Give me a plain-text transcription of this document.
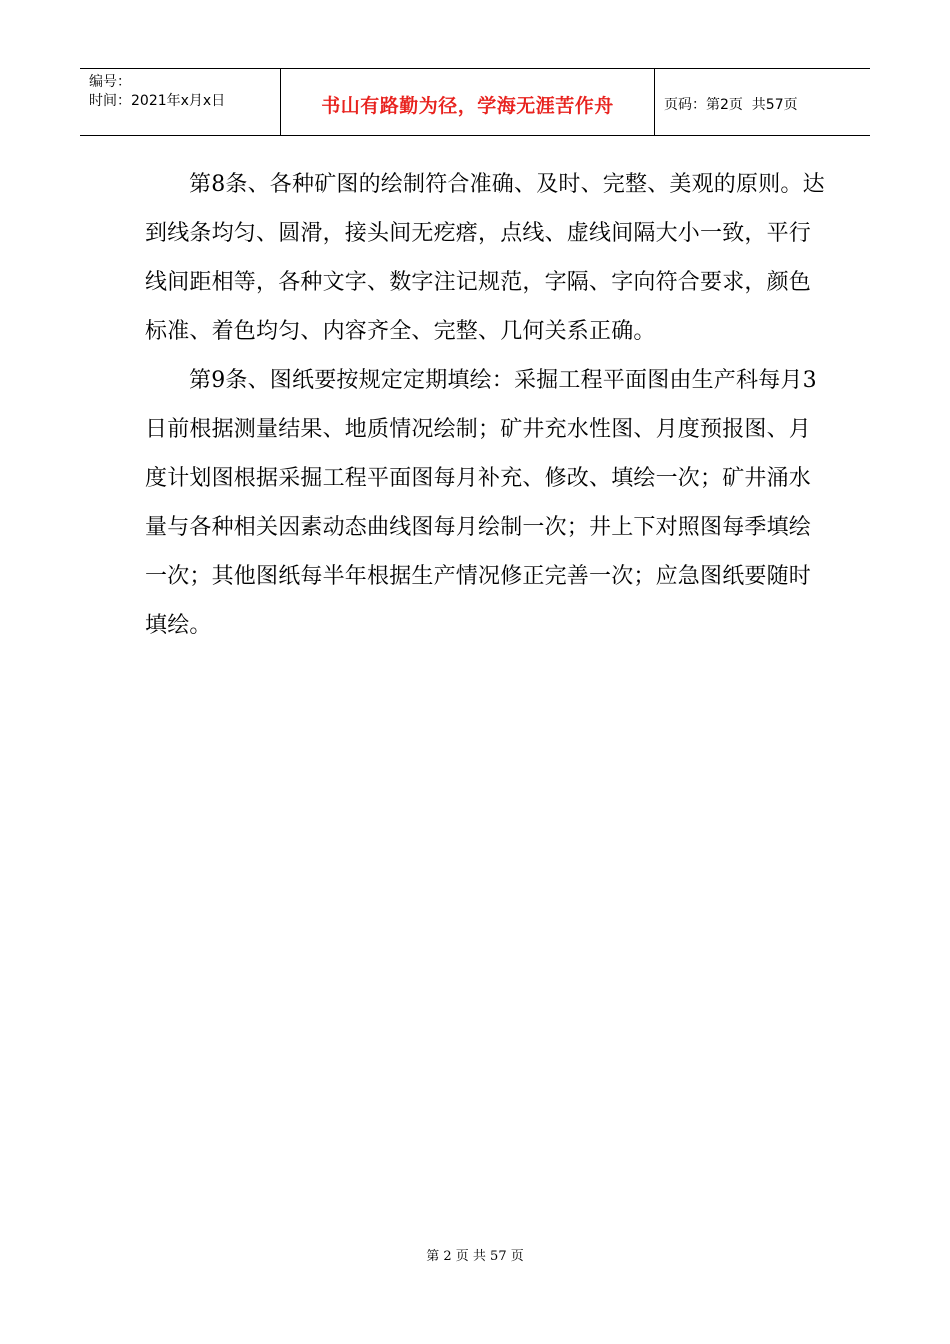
编号：
时间：2021年x月x日	书山有路勤为径，学海无涯苦作舟	页码：第2页  共57页

第8条、各种矿图的绘制符合准确、及时、完整、美观的原则。达到线条均匀、圆滑，接头间无疙瘩，点线、虚线间隔大小一致，平行线间距相等，各种文字、数字注记规范，字隔、字向符合要求，颜色标准、着色均匀、内容齐全、完整、几何关系正确。

第9条、图纸要按规定定期填绘：采掘工程平面图由生产科每月3日前根据测量结果、地质情况绘制；矿井充水性图、月度预报图、月度计划图根据采掘工程平面图每月补充、修改、填绘一次；矿井涌水量与各种相关因素动态曲线图每月绘制一次；井上下对照图每季填绘一次；其他图纸每半年根据生产情况修正完善一次；应急图纸要随时填绘。

第 2 页 共 57 页
